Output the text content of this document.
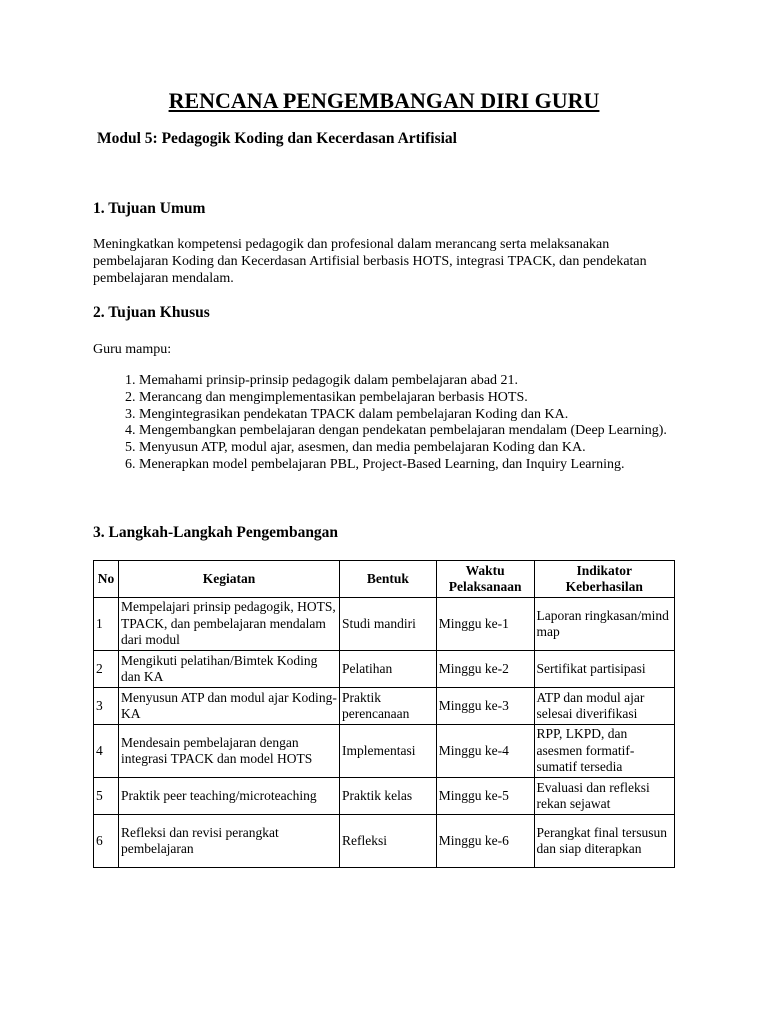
RENCANA PENGEMBANGAN DIRI GURU
Modul 5: Pedagogik Koding dan Kecerdasan Artifisial
1. Tujuan Umum

Meningkatkan kompetensi pedagogik dan profesional dalam merancang serta melaksanakan pembelajaran Koding dan Kecerdasan Artifisial berbasis HOTS, integrasi TPACK, dan pendekatan pembelajaran mendalam.

2. Tujuan Khusus

Guru mampu:

1. Memahami prinsip-prinsip pedagogik dalam pembelajaran abad 21.
2. Merancang dan mengimplementasikan pembelajaran berbasis HOTS.
3. Mengintegrasikan pendekatan TPACK dalam pembelajaran Koding dan KA.
4. Mengembangkan pembelajaran dengan pendekatan pembelajaran mendalam (Deep Learning).
5. Menyusun ATP, modul ajar, asesmen, dan media pembelajaran Koding dan KA.
6. Menerapkan model pembelajaran PBL, Project-Based Learning, dan Inquiry Learning.
3. Langkah-Langkah Pengembangan
No	Kegiatan	Bentuk	Waktu Pelaksanaan	Indikator Keberhasilan
1	Mempelajari prinsip pedagogik, HOTS, TPACK, dan pembelajaran mendalam dari modul	Studi mandiri	Minggu ke-1	Laporan ringkasan/mind map
2	Mengikuti pelatihan/Bimtek Koding dan KA	Pelatihan	Minggu ke-2	Sertifikat partisipasi
3	Menyusun ATP dan modul ajar Koding-KA	Praktik perencanaan	Minggu ke-3	ATP dan modul ajar selesai diverifikasi
4	Mendesain pembelajaran dengan integrasi TPACK dan model HOTS	Implementasi	Minggu ke-4	RPP, LKPD, dan asesmen formatif-sumatif tersedia
5	Praktik peer teaching/microteaching	Praktik kelas	Minggu ke-5	Evaluasi dan refleksi rekan sejawat
6	Refleksi dan revisi perangkat pembelajaran	Refleksi	Minggu ke-6	Perangkat final tersusun dan siap diterapkan
